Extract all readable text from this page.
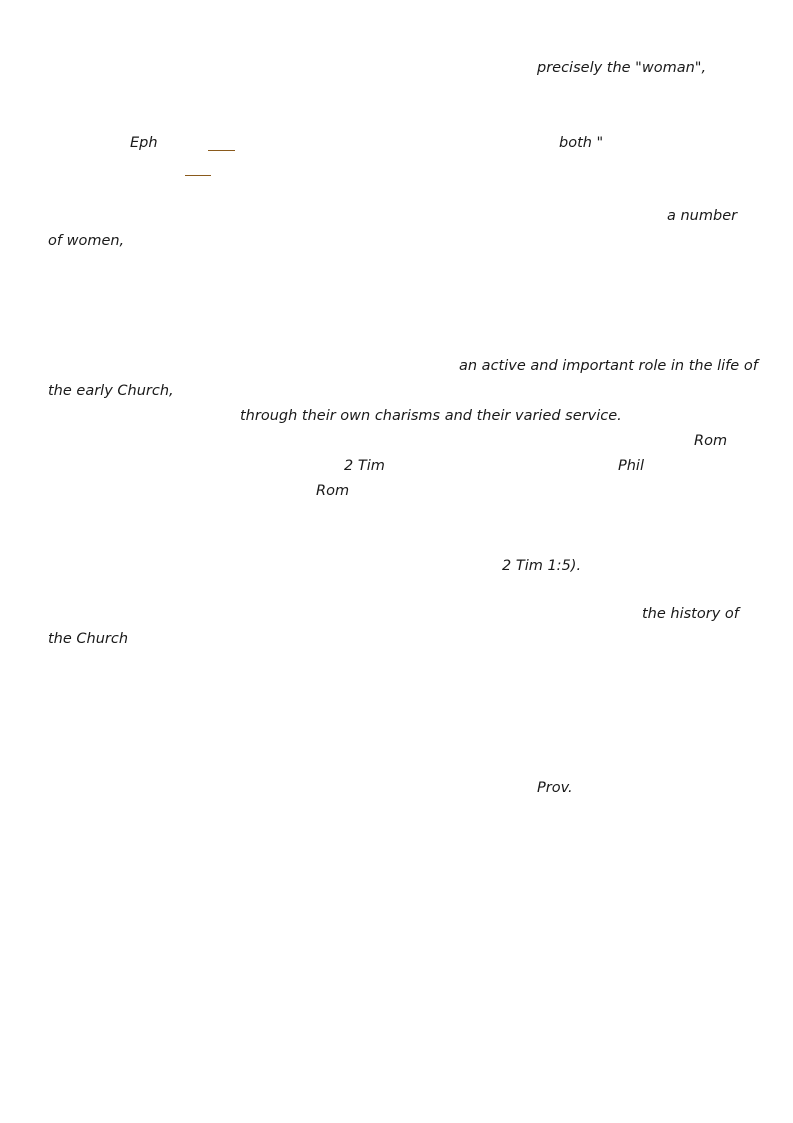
precisely the "woman",
Eph	both "
a number
of women,
an active and important role in the life of
the early Church,
through their own charisms and their varied service.
Rom
2 Tim	Phil
Rom
2 Tim 1:5).
the history of
the Church
Prov.
